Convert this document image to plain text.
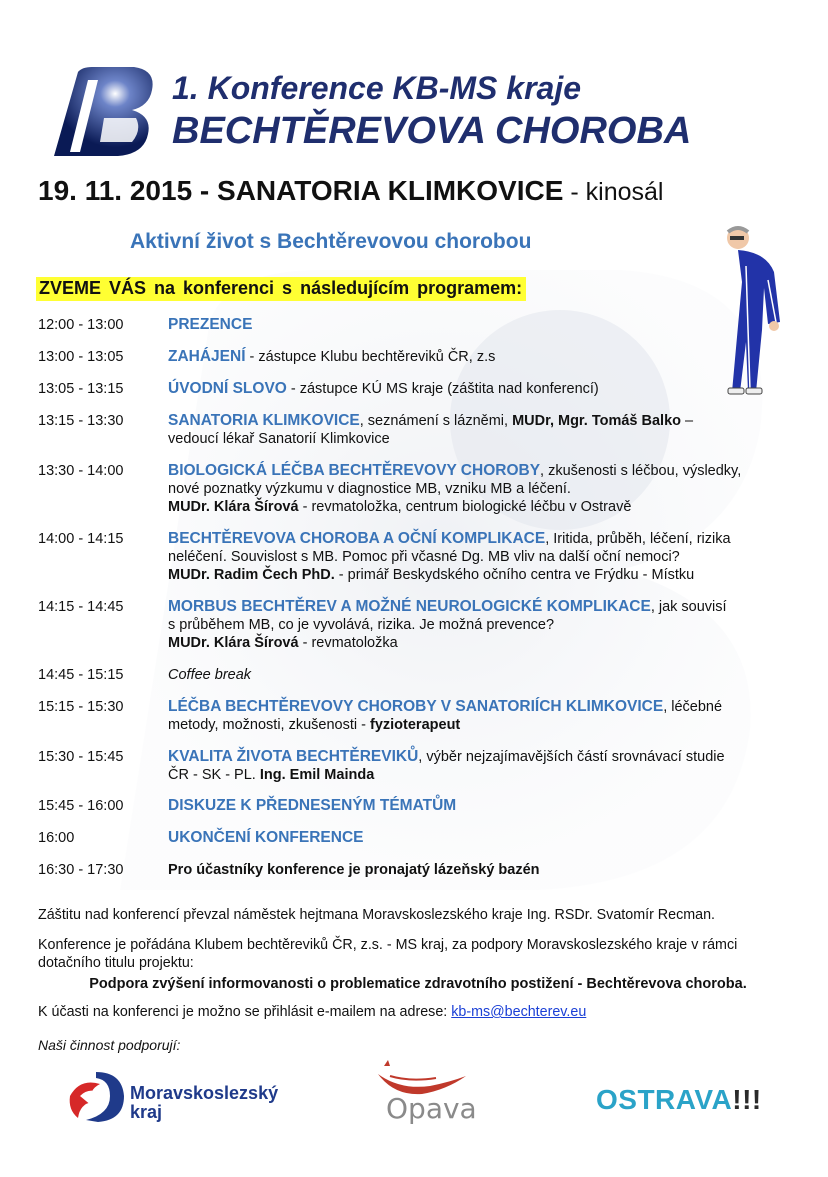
1. Konference KB-MS kraje
BECHTĚREVOVA CHOROBA
19. 11. 2015 - SANATORIA KLIMKOVICE - kinosál
Aktivní život s Bechtěrevovou chorobou
ZVEME VÁS na konferenci s následujícím programem:
12:00 - 13:00	PREZENCE
13:00 - 13:05	ZAHÁJENÍ - zástupce Klubu bechtěreviků ČR, z.s
13:05 - 13:15	ÚVODNÍ SLOVO - zástupce KÚ MS kraje (záštita nad konferencí)
13:15 - 13:30	SANATORIA KLIMKOVICE, seznámení s lázněmi, MUDr, Mgr. Tomáš Balko –
vedoucí lékař Sanatorií Klimkovice
13:30 - 14:00	BIOLOGICKÁ LÉČBA BECHTĚREVOVY CHOROBY, zkušenosti s léčbou, výsledky,
nové poznatky výzkumu v diagnostice MB, vzniku MB a léčení.
MUDr. Klára Šírová - revmatoložka, centrum biologické léčbu v Ostravě
14:00 - 14:15	BECHTĚREVOVA CHOROBA A OČNÍ KOMPLIKACE, Iritida, průběh, léčení, rizika
neléčení. Souvislost s MB. Pomoc při včasné Dg. MB vliv na další oční nemoci?
MUDr. Radim Čech PhD. - primář Beskydského očního centra ve Frýdku - Místku
14:15 - 14:45	MORBUS BECHTĚREV A MOŽNÉ NEUROLOGICKÉ KOMPLIKACE, jak souvisí
s průběhem MB, co je vyvolává, rizika. Je možná prevence?
MUDr. Klára Šírová - revmatoložka
14:45 - 15:15	Coffee break
15:15 - 15:30	LÉČBA BECHTĚREVOVY CHOROBY V SANATORIÍCH KLIMKOVICE, léčebné
metody, možnosti, zkušenosti - fyzioterapeut
15:30 - 15:45	KVALITA ŽIVOTA BECHTĚREVIKŮ, výběr nejzajímavějších částí srovnávací studie
ČR - SK - PL. Ing. Emil Mainda
15:45 - 16:00	DISKUZE K PŘEDNESENÝM TÉMATŮM
16:00	UKONČENÍ KONFERENCE
16:30 - 17:30	Pro účastníky konference je pronajatý lázeňský bazén
Záštitu nad konferencí převzal náměstek hejtmana Moravskoslezského kraje Ing. RSDr. Svatomír Recman.
Konference je pořádána Klubem bechtěreviků ČR, z.s. - MS kraj, za podpory Moravskoslezského kraje v rámci
dotačního titulu projektu:
Podpora zvýšení informovanosti o problematice zdravotního postižení - Bechtěrevova choroba.
K účasti na konferenci je možno se přihlásit e-mailem na adrese: kb-ms@bechterev.eu
Naši činnost podporují:
Moravskoslezský
kraj	Opava	OSTRAVA!!!
